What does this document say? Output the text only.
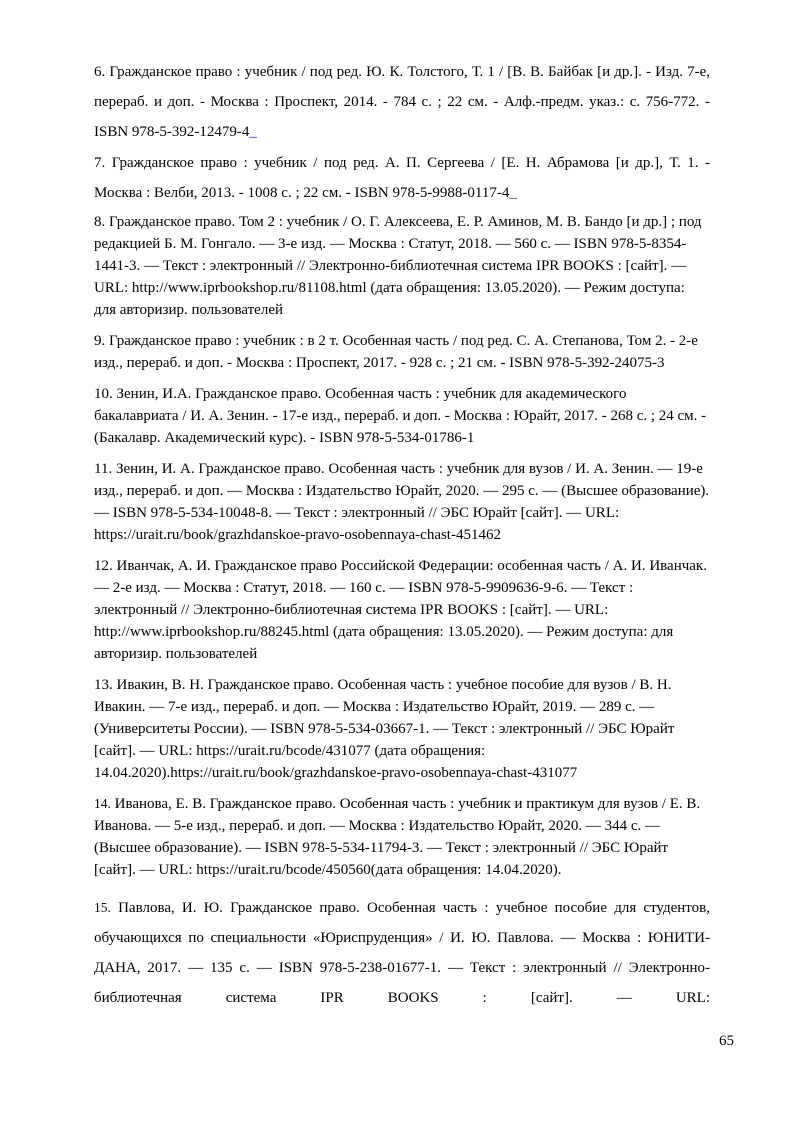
6. Гражданское право : учебник / под ред. Ю. К. Толстого, Т. 1 / [В. В. Байбак [и др.]. - Изд. 7-е, перераб. и доп. - Москва : Проспект, 2014. - 784 с. ; 22 см. - Алф.-предм. указ.: с. 756-772. - ISBN 978-5-392-12479-4_

7. Гражданское право : учебник / под ред. А. П. Сергеева / [Е. Н. Абрамова [и др.], Т. 1. - Москва : Велби, 2013. - 1008 с. ; 22 см. - ISBN 978-5-9988-0117-4_

8. Гражданское право. Том 2 : учебник / О. Г. Алексеева, Е. Р. Аминов, М. В. Бандо [и др.] ; под редакцией Б. М. Гонгало. — 3-е изд. — Москва : Статут, 2018. — 560 с. — ISBN 978-5-8354-1441-3. — Текст : электронный // Электронно-библиотечная система IPR BOOKS : [сайт]. — URL: http://www.iprbookshop.ru/81108.html (дата обращения: 13.05.2020). — Режим доступа: для авторизир. пользователей

9. Гражданское право : учебник : в 2 т. Особенная часть / под ред. С. А. Степанова, Том 2. - 2-е изд., перераб. и доп. - Москва : Проспект, 2017. - 928 с. ; 21 см. - ISBN 978-5-392-24075-3

10. Зенин, И.А. Гражданское право. Особенная часть : учебник для академического бакалавриата / И. А. Зенин. - 17-е изд., перераб. и доп. - Москва : Юрайт, 2017. - 268 с. ; 24 см. - (Бакалавр. Академический курс). - ISBN 978-5-534-01786-1

11. Зенин, И. А. Гражданское право. Особенная часть : учебник для вузов / И. А. Зенин. — 19-е изд., перераб. и доп. — Москва : Издательство Юрайт, 2020. — 295 с. — (Высшее образование). — ISBN 978-5-534-10048-8. — Текст : электронный // ЭБС Юрайт [сайт]. — URL: https://urait.ru/book/grazhdanskoe-pravo-osobennaya-chast-451462

12. Иванчак, А. И. Гражданское право Российской Федерации: особенная часть / А. И. Иванчак. — 2-е изд. — Москва : Статут, 2018. — 160 с. — ISBN 978-5-9909636-9-6. — Текст : электронный // Электронно-библиотечная система IPR BOOKS : [сайт]. — URL: http://www.iprbookshop.ru/88245.html (дата обращения: 13.05.2020). — Режим доступа: для авторизир. пользователей

13. Ивакин, В. Н. Гражданское право. Особенная часть : учебное пособие для вузов / В. Н. Ивакин. — 7-е изд., перераб. и доп. — Москва : Издательство Юрайт, 2019. — 289 с. — (Университеты России). — ISBN 978-5-534-03667-1. — Текст : электронный // ЭБС Юрайт [сайт]. — URL: https://urait.ru/bcode/431077 (дата обращения: 14.04.2020).https://urait.ru/book/grazhdanskoe-pravo-osobennaya-chast-431077

14. Иванова, Е. В. Гражданское право. Особенная часть : учебник и практикум для вузов / Е. В. Иванова. — 5-е изд., перераб. и доп. — Москва : Издательство Юрайт, 2020. — 344 с. — (Высшее образование). — ISBN 978-5-534-11794-3. — Текст : электронный // ЭБС Юрайт [сайт]. — URL: https://urait.ru/bcode/450560(дата обращения: 14.04.2020).

15. Павлова, И. Ю. Гражданское право. Особенная часть : учебное пособие для студентов, обучающихся по специальности «Юриспруденция» / И. Ю. Павлова. — Москва : ЮНИТИ-ДАНА, 2017. — 135 с. — ISBN 978-5-238-01677-1. — Текст : электронный // Электронно-библиотечная система IPR BOOKS : [сайт]. — URL:

65
